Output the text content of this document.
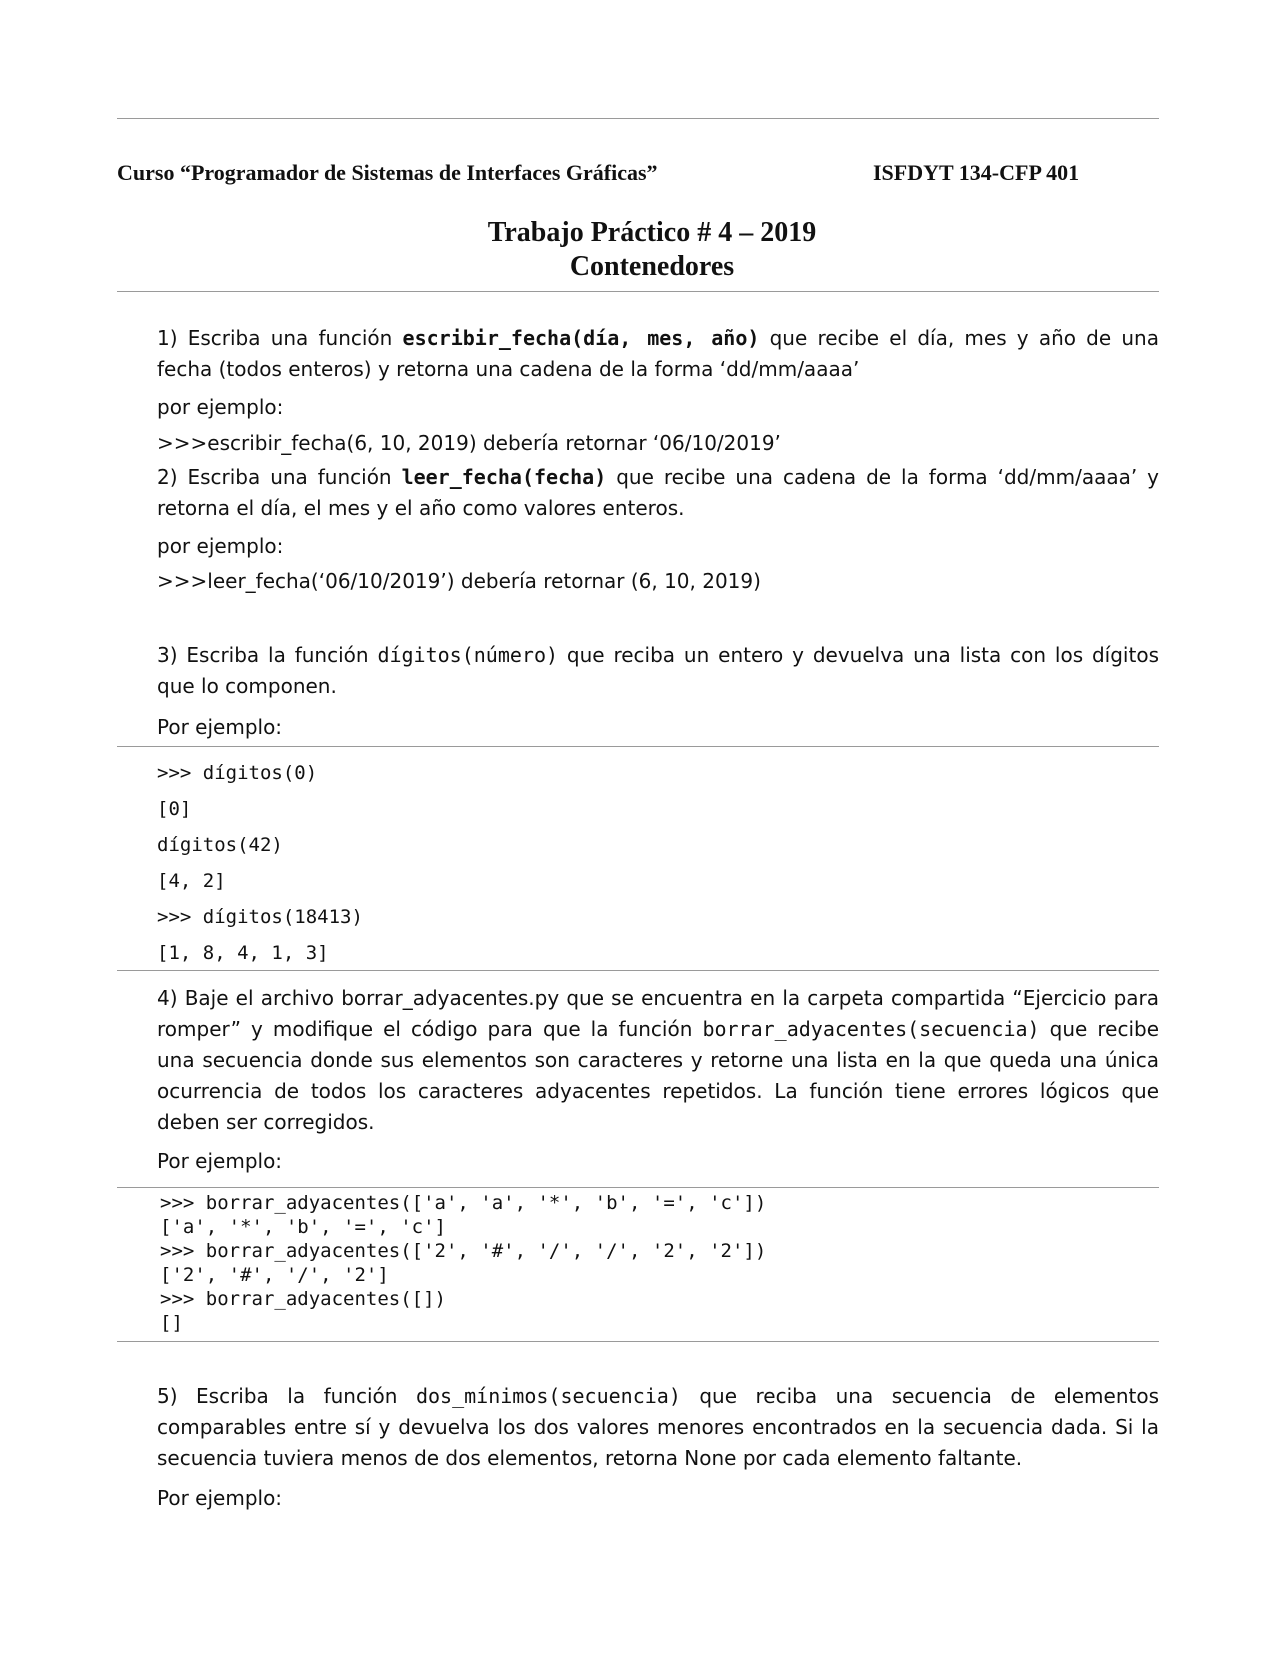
Curso “Programador de Sistemas de Interfaces Gráficas”	ISFDYT 134-CFP 401
Trabajo Práctico # 4 – 2019
Contenedores
1) Escriba una función escribir_fecha(día, mes, año) que recibe el día, mes y año de una fecha (todos enteros) y retorna una cadena de la forma ‘dd/mm/aaaa’
por ejemplo:
>>>escribir_fecha(6, 10, 2019) debería retornar ‘06/10/2019’
2) Escriba una función leer_fecha(fecha) que recibe una cadena de la forma ‘dd/mm/aaaa’ y retorna el día, el mes y el año como valores enteros.
por ejemplo:
>>>leer_fecha(‘06/10/2019’) debería retornar (6, 10, 2019)
3) Escriba la función dígitos(número) que reciba un entero y devuelva una lista con los dígitos que lo componen.
Por ejemplo:
>>> dígitos(0)
[0]
dígitos(42)
[4, 2]
>>> dígitos(18413)
[1, 8, 4, 1, 3]
4) Baje el archivo borrar_adyacentes.py que se encuentra en la carpeta compartida “Ejercicio para romper” y modifique el código para que la función borrar_adyacentes(secuencia) que recibe una secuencia donde sus elementos son caracteres y retorne una lista en la que queda una única ocurrencia de todos los caracteres adyacentes repetidos. La función tiene errores lógicos que deben ser corregidos.
Por ejemplo:
>>> borrar_adyacentes(['a', 'a', '*', 'b', '=', 'c'])
['a', '*', 'b', '=', 'c']
>>> borrar_adyacentes(['2', '#', '/', '/', '2', '2'])
['2', '#', '/', '2']
>>> borrar_adyacentes([])
[]
5) Escriba la función dos_mínimos(secuencia) que reciba una secuencia de elementos comparables entre sí y devuelva los dos valores menores encontrados en la secuencia dada. Si la secuencia tuviera menos de dos elementos, retorna None por cada elemento faltante.
Por ejemplo:
